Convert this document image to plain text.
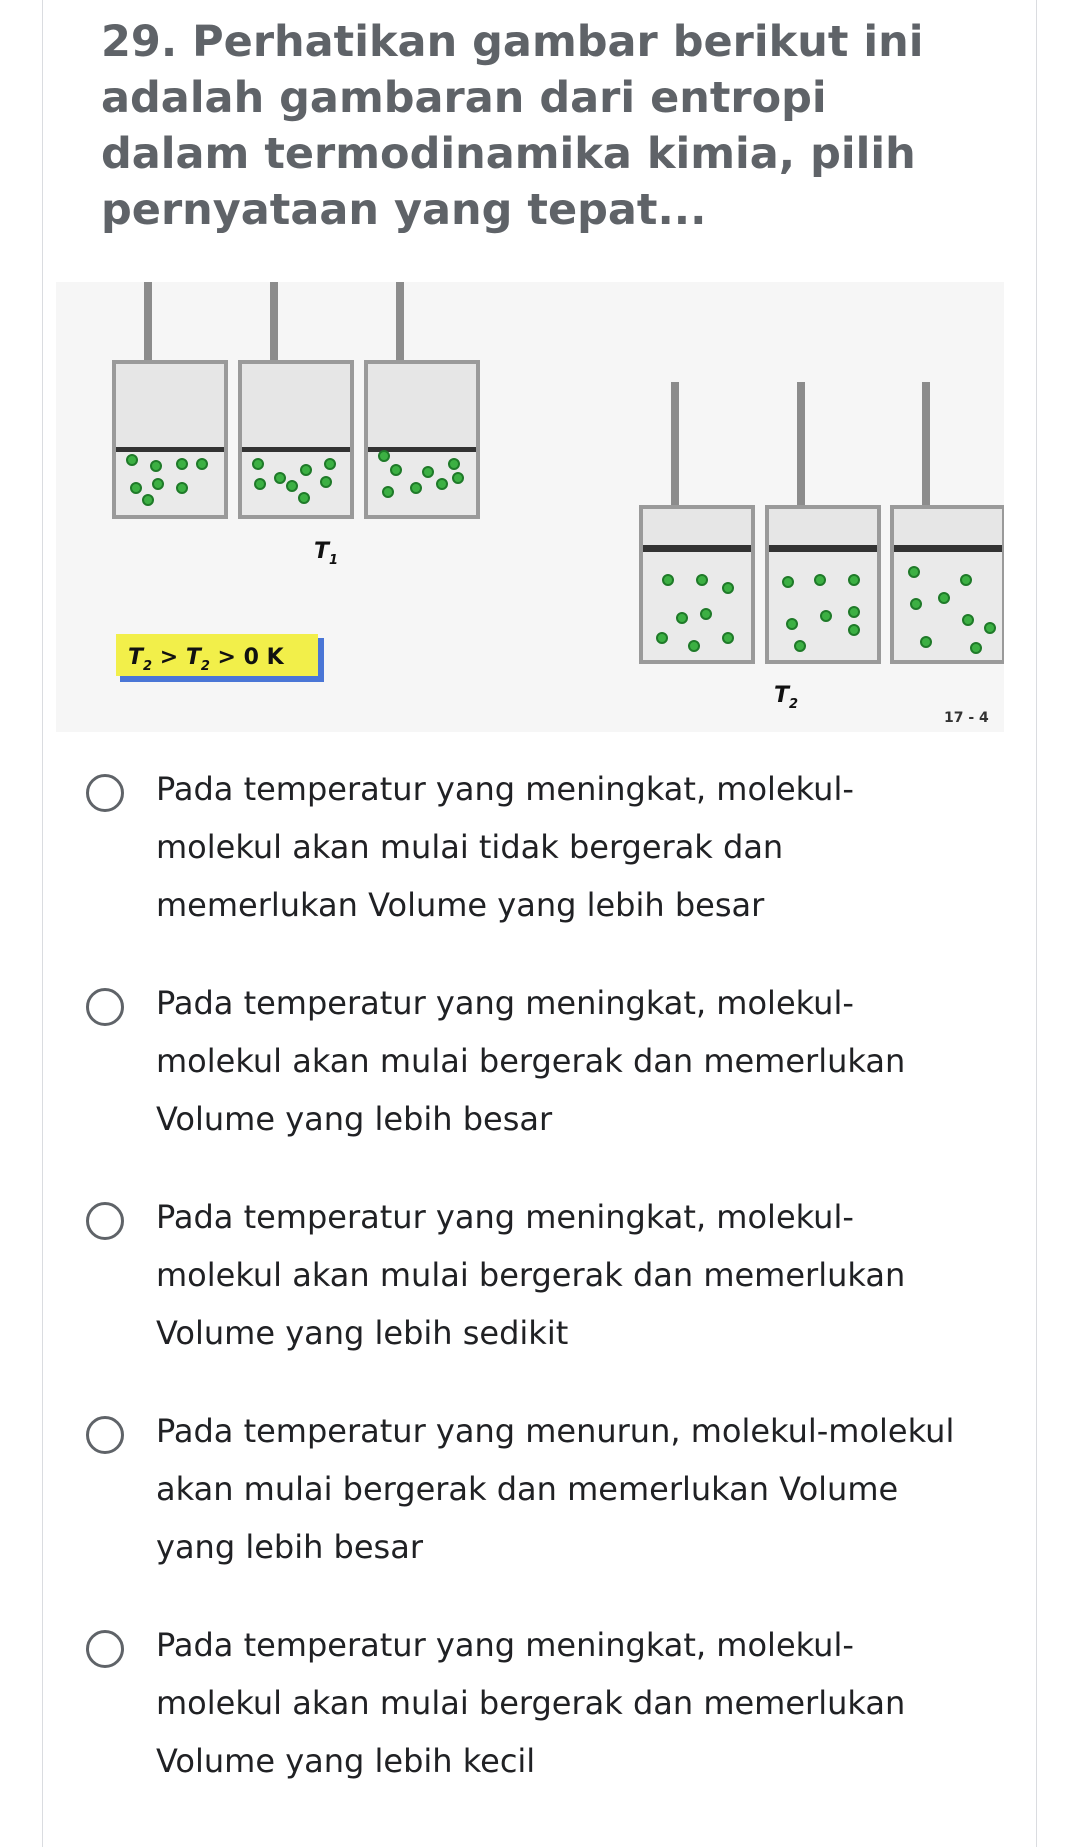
29. Perhatikan gambar berikut ini adalah gambaran dari entropi dalam termodinamika kimia, pilih pernyataan yang tepat...
$T_1$
$T_2$
$T_2 > T_2 > 0$ K
17 - 4

Pada temperatur yang meningkat, molekul-molekul akan mulai tidak bergerak dan memerlukan Volume yang lebih besar

Pada temperatur yang meningkat, molekul-molekul akan mulai bergerak dan memerlukan Volume yang lebih besar

Pada temperatur yang meningkat, molekul-molekul akan mulai bergerak dan memerlukan Volume yang lebih sedikit

Pada temperatur yang menurun, molekul-molekul akan mulai bergerak dan memerlukan Volume yang lebih besar

Pada temperatur yang meningkat, molekul-molekul akan mulai bergerak dan memerlukan Volume yang lebih kecil
